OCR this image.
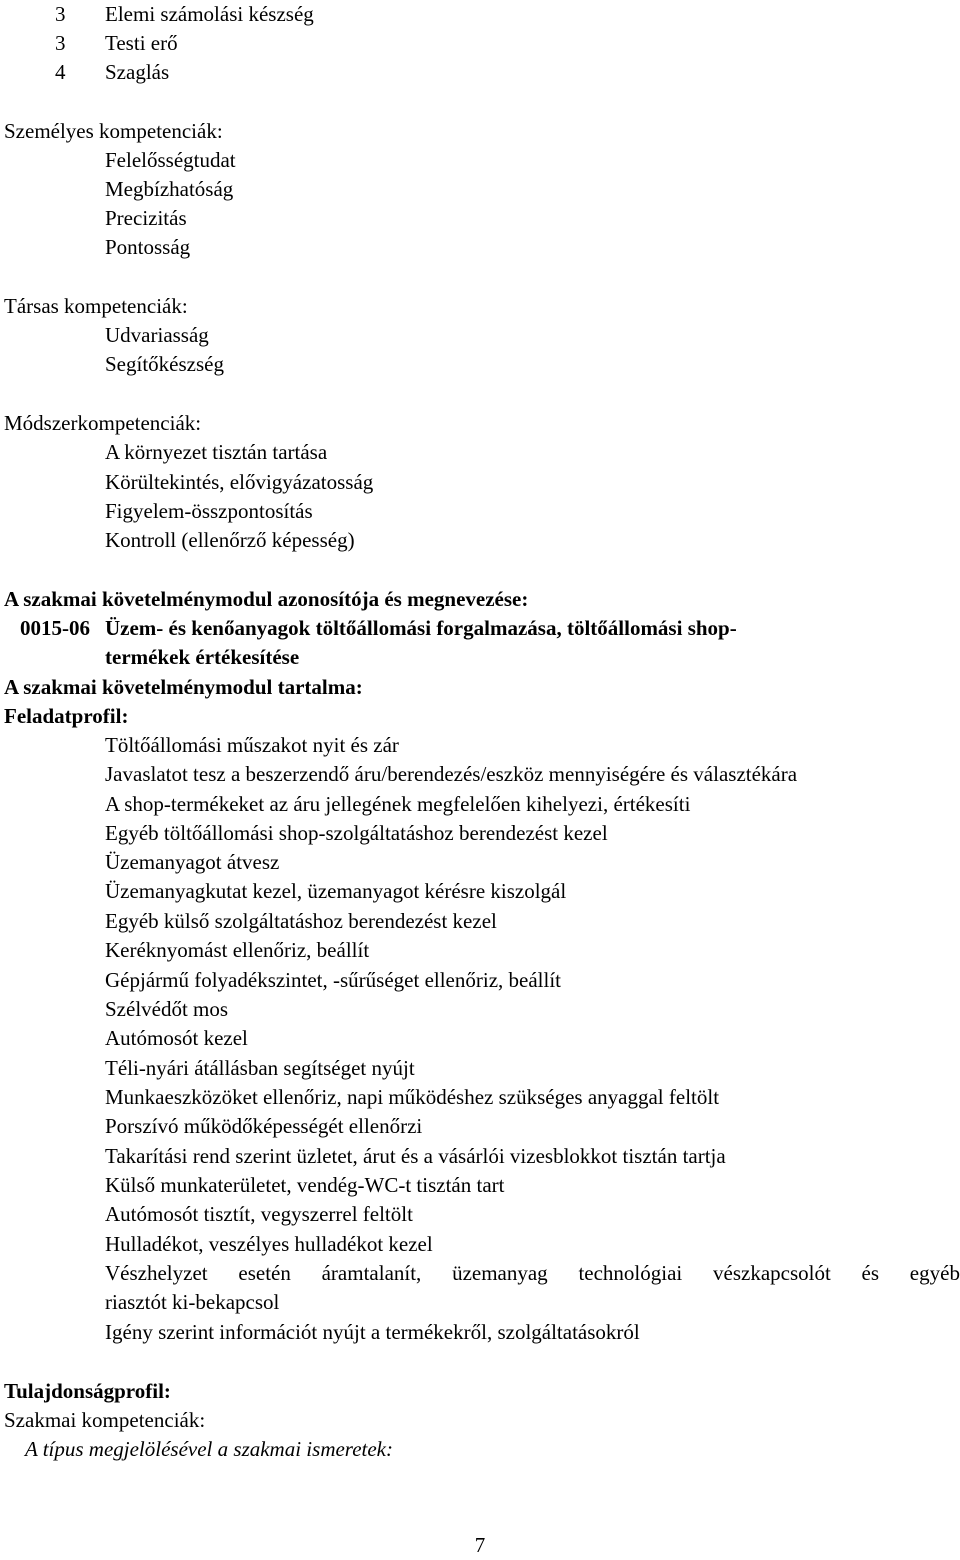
3 Elemi számolási készség
3 Testi erő
4 Szaglás
Személyes kompetenciák:
Felelősségtudat
Megbízhatóság
Precizitás
Pontosság
Társas kompetenciák:
Udvariasság
Segítőkészség
Módszerkompetenciák:
A környezet tisztán tartása
Körültekintés, elővigyázatosság
Figyelem-összpontosítás
Kontroll (ellenőrző képesség)
A szakmai követelménymodul azonosítója és megnevezése:
0015-06 Üzem- és kenőanyagok töltőállomási forgalmazása, töltőállomási shop-
termékek értékesítése
A szakmai követelménymodul tartalma:
Feladatprofil:
Töltőállomási műszakot nyit és zár
Javaslatot tesz a beszerzendő áru/berendezés/eszköz mennyiségére és választékára
A shop-termékeket az áru jellegének megfelelően kihelyezi, értékesíti
Egyéb töltőállomási shop-szolgáltatáshoz berendezést kezel
Üzemanyagot átvesz
Üzemanyagkutat kezel, üzemanyagot kérésre kiszolgál
Egyéb külső szolgáltatáshoz berendezést kezel
Keréknyomást ellenőriz, beállít
Gépjármű folyadékszintet, -sűrűséget ellenőriz, beállít
Szélvédőt mos
Autómosót kezel
Téli-nyári átállásban segítséget nyújt
Munkaeszközöket ellenőriz, napi működéshez szükséges anyaggal feltölt
Porszívó működőképességét ellenőrzi
Takarítási rend szerint üzletet, árut és a vásárlói vizesblokkot tisztán tartja
Külső munkaterületet, vendég-WC-t tisztán tart
Autómosót tisztít, vegyszerrel feltölt
Hulladékot, veszélyes hulladékot kezel
Vészhelyzet esetén áramtalanít, üzemanyag technológiai vészkapcsolót és egyéb
riasztót ki-bekapcsol
Igény szerint információt nyújt a termékekről, szolgáltatásokról
Tulajdonságprofil:
Szakmai kompetenciák:
A típus megjelölésével a szakmai ismeretek:
7
